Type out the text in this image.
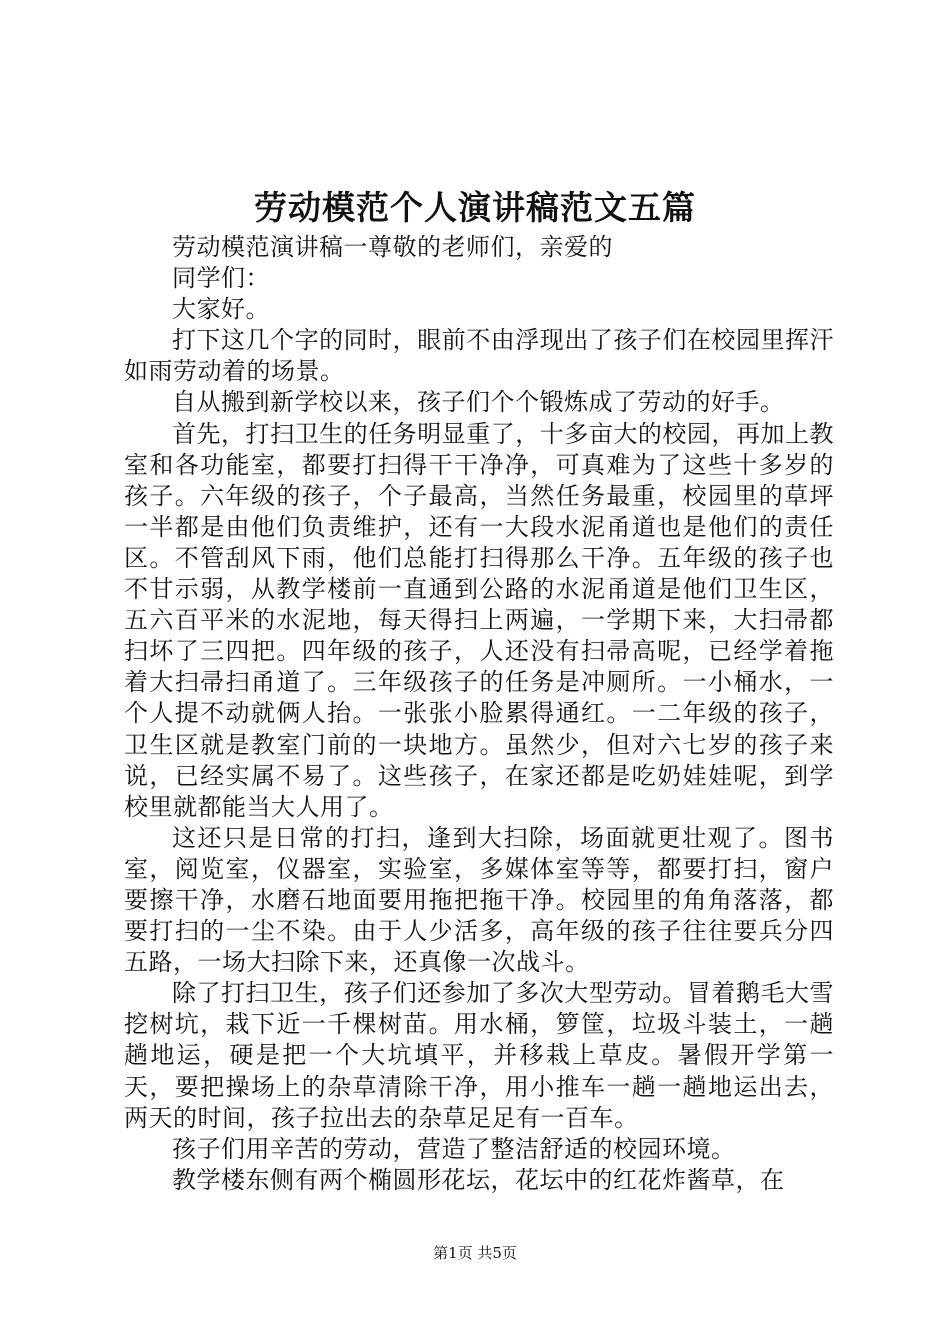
劳动模范个人演讲稿范文五篇

劳动模范演讲稿一尊敬的老师们，亲爱的

同学们：

大家好。

打下这几个字的同时，眼前不由浮现出了孩子们在校园里挥汗如雨劳动着的场景。

自从搬到新学校以来，孩子们个个锻炼成了劳动的好手。

首先，打扫卫生的任务明显重了，十多亩大的校园，再加上教室和各功能室，都要打扫得干干净净，可真难为了这些十多岁的孩子。六年级的孩子，个子最高，当然任务最重，校园里的草坪一半都是由他们负责维护，还有一大段水泥甬道也是他们的责任区。不管刮风下雨，他们总能打扫得那么干净。五年级的孩子也不甘示弱，从教学楼前一直通到公路的水泥甬道是他们卫生区，五六百平米的水泥地，每天得扫上两遍，一学期下来，大扫帚都扫坏了三四把。四年级的孩子，人还没有扫帚高呢，已经学着拖着大扫帚扫甬道了。三年级孩子的任务是冲厕所。一小桶水，一个人提不动就俩人抬。一张张小脸累得通红。一二年级的孩子，卫生区就是教室门前的一块地方。虽然少，但对六七岁的孩子来说，已经实属不易了。这些孩子，在家还都是吃奶娃娃呢，到学校里就都能当大人用了。

这还只是日常的打扫，逢到大扫除，场面就更壮观了。图书室，阅览室，仪器室，实验室，多媒体室等等，都要打扫，窗户要擦干净，水磨石地面要用拖把拖干净。校园里的角角落落，都要打扫的一尘不染。由于人少活多，高年级的孩子往往要兵分四五路，一场大扫除下来，还真像一次战斗。

除了打扫卫生，孩子们还参加了多次大型劳动。冒着鹅毛大雪挖树坑，栽下近一千棵树苗。用水桶，箩筐，垃圾斗装土，一趟趟地运，硬是把一个大坑填平，并移栽上草皮。暑假开学第一天，要把操场上的杂草清除干净，用小推车一趟一趟地运出去，两天的时间，孩子拉出去的杂草足足有一百车。

孩子们用辛苦的劳动，营造了整洁舒适的校园环境。

教学楼东侧有两个椭圆形花坛，花坛中的红花炸酱草，在

第1页 共5页
